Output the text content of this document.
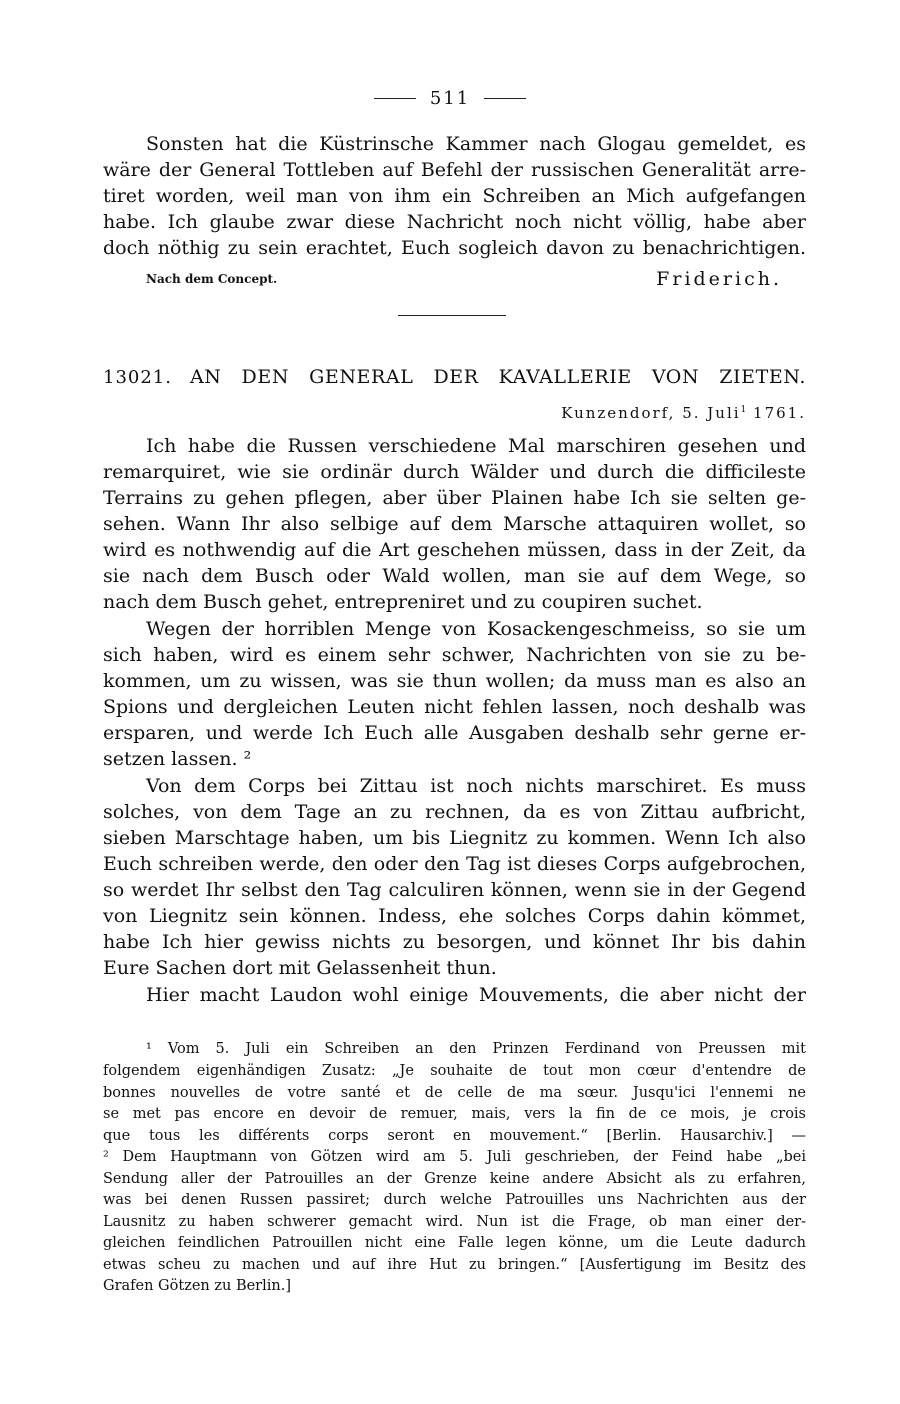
511
Sonsten hat die Küstrinsche Kammer nach Glogau gemeldet, es
wäre der General Tottleben auf Befehl der russischen Generalität arre-
tiret worden, weil man von ihm ein Schreiben an Mich aufgefangen
habe. Ich glaube zwar diese Nachricht noch nicht völlig, habe aber
doch nöthig zu sein erachtet, Euch sogleich davon zu benachrichtigen.
Nach dem Concept.	Friderich.
13021. AN DEN GENERAL DER KAVALLERIE VON ZIETEN.
Kunzendorf, 5. Juli$^1$ 1761.
Ich habe die Russen verschiedene Mal marschiren gesehen und
remarquiret, wie sie ordinär durch Wälder und durch die difficileste
Terrains zu gehen pflegen, aber über Plainen habe Ich sie selten ge-
sehen. Wann Ihr also selbige auf dem Marsche attaquiren wollet, so
wird es nothwendig auf die Art geschehen müssen, dass in der Zeit, da
sie nach dem Busch oder Wald wollen, man sie auf dem Wege, so
nach dem Busch gehet, entrepreniret und zu coupiren suchet.
Wegen der horriblen Menge von Kosackengeschmeiss, so sie um
sich haben, wird es einem sehr schwer, Nachrichten von sie zu be-
kommen, um zu wissen, was sie thun wollen; da muss man es also an
Spions und dergleichen Leuten nicht fehlen lassen, noch deshalb was
ersparen, und werde Ich Euch alle Ausgaben deshalb sehr gerne er-
setzen lassen. ²
Von dem Corps bei Zittau ist noch nichts marschiret. Es muss
solches, von dem Tage an zu rechnen, da es von Zittau aufbricht,
sieben Marschtage haben, um bis Liegnitz zu kommen. Wenn Ich also
Euch schreiben werde, den oder den Tag ist dieses Corps aufgebrochen,
so werdet Ihr selbst den Tag calculiren können, wenn sie in der Gegend
von Liegnitz sein können. Indess, ehe solches Corps dahin kömmet,
habe Ich hier gewiss nichts zu besorgen, und könnet Ihr bis dahin
Eure Sachen dort mit Gelassenheit thun.
Hier macht Laudon wohl einige Mouvements, die aber nicht der
¹ Vom 5. Juli ein Schreiben an den Prinzen Ferdinand von Preussen mit
folgendem eigenhändigen Zusatz: „Je souhaite de tout mon cœur d'entendre de
bonnes nouvelles de votre santé et de celle de ma sœur. Jusqu'ici l'ennemi ne
se met pas encore en devoir de remuer, mais, vers la fin de ce mois, je crois
que tous les différents corps seront en mouvement.“ [Berlin. Hausarchiv.] —
² Dem Hauptmann von Götzen wird am 5. Juli geschrieben, der Feind habe „bei
Sendung aller der Patrouilles an der Grenze keine andere Absicht als zu erfahren,
was bei denen Russen passiret; durch welche Patrouilles uns Nachrichten aus der
Lausnitz zu haben schwerer gemacht wird. Nun ist die Frage, ob man einer der-
gleichen feindlichen Patrouillen nicht eine Falle legen könne, um die Leute dadurch
etwas scheu zu machen und auf ihre Hut zu bringen.“ [Ausfertigung im Besitz des
Grafen Götzen zu Berlin.]
